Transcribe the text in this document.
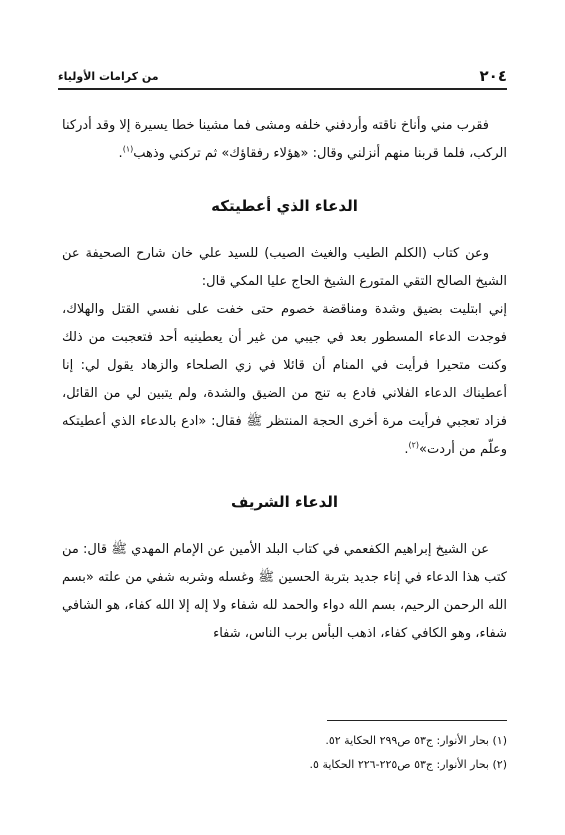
٢٠٤
من كرامات الأولياء

فقرب مني وأناخ ناقته وأردفني خلفه ومشى فما مشينا خطا يسيرة إلا وقد أدركنا الركب، فلما قربنا منهم أنزلني وقال: «هؤلاء رفقاؤك» ثم تركني وذهب$^{(١)}$.

الدعاء الذي أعطيتكه

وعن كتاب (الكلم الطيب والغيث الصيب) للسيد علي خان شارح الصحيفة عن الشيخ الصالح التقي المتورع الشيخ الحاج عليا المكي قال:

إني ابتليت بضيق وشدة ومناقضة خصوم حتى خفت على نفسي القتل والهلاك، فوجدت الدعاء المسطور بعد في جيبي من غير أن يعطينيه أحد فتعجبت من ذلك وكنت متحيرا فرأيت في المنام أن قائلا في زي الصلحاء والزهاد يقول لي: إنا أعطيناك الدعاء الفلاني فادع به تنج من الضيق والشدة، ولم يتبين لي من القائل، فزاد تعجبي فرأيت مرة أخرى الحجة المنتظر ﷺ فقال: «ادع بالدعاء الذي أعطيتكه وعلّم من أردت»$^{(٢)}$.

الدعاء الشريف

عن الشيخ إبراهيم الكفعمي في كتاب البلد الأمين عن الإمام المهدي ﷺ قال: من كتب هذا الدعاء في إناء جديد بتربة الحسين ﷺ وغسله وشربه شفي من علته «بسم الله الرحمن الرحيم، بسم الله دواء والحمد لله شفاء ولا إله إلا الله كفاء، هو الشافي شفاء، وهو الكافي كفاء، اذهب البأس برب الناس، شفاء

(١) بحار الأنوار: ج٥٣ ص٢٩٩ الحكاية ٥٢.
(٢) بحار الأنوار: ج٥٣ ص٢٢٥-٢٢٦ الحكاية ٥.
